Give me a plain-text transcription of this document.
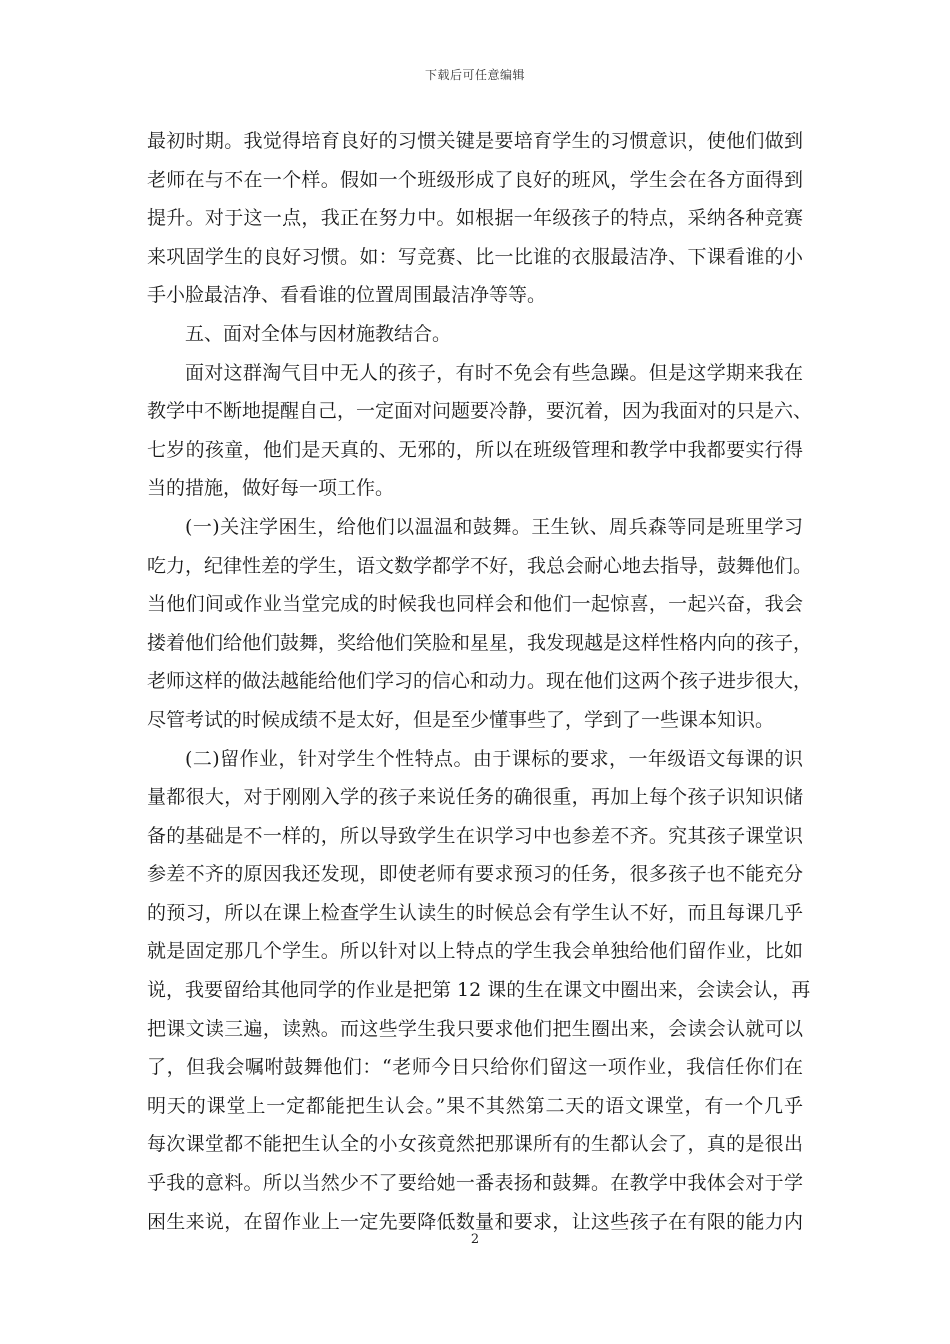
下载后可任意编辑
最初时期。我觉得培育良好的习惯关键是要培育学生的习惯意识，使他们做到
老师在与不在一个样。假如一个班级形成了良好的班风，学生会在各方面得到
提升。对于这一点，我正在努力中。如根据一年级孩子的特点，采纳各种竞赛
来巩固学生的良好习惯。如：写竞赛、比一比谁的衣服最洁净、下课看谁的小
手小脸最洁净、看看谁的位置周围最洁净等等。
五、面对全体与因材施教结合。
面对这群淘气目中无人的孩子，有时不免会有些急躁。但是这学期来我在
教学中不断地提醒自己，一定面对问题要冷静，要沉着，因为我面对的只是六、
七岁的孩童，他们是天真的、无邪的，所以在班级管理和教学中我都要实行得
当的措施，做好每一项工作。
(一)关注学困生，给他们以温温和鼓舞。王生钬、周兵森等同是班里学习
吃力，纪律性差的学生，语文数学都学不好，我总会耐心地去指导，鼓舞他们。
当他们间或作业当堂完成的时候我也同样会和他们一起惊喜，一起兴奋，我会
搂着他们给他们鼓舞，奖给他们笑脸和星星，我发现越是这样性格内向的孩子，
老师这样的做法越能给他们学习的信心和动力。现在他们这两个孩子进步很大，
尽管考试的时候成绩不是太好，但是至少懂事些了，学到了一些课本知识。
(二)留作业，针对学生个性特点。由于课标的要求，一年级语文每课的识
量都很大，对于刚刚入学的孩子来说任务的确很重，再加上每个孩子识知识储
备的基础是不一样的，所以导致学生在识学习中也参差不齐。究其孩子课堂识
参差不齐的原因我还发现，即使老师有要求预习的任务，很多孩子也不能充分
的预习，所以在课上检查学生认读生的时候总会有学生认不好，而且每课几乎
就是固定那几个学生。所以针对以上特点的学生我会单独给他们留作业，比如
说，我要留给其他同学的作业是把第 12 课的生在课文中圈出来，会读会认，再
把课文读三遍，读熟。而这些学生我只要求他们把生圈出来，会读会认就可以
了，但我会嘱咐鼓舞他们：“老师今日只给你们留这一项作业，我信任你们在
明天的课堂上一定都能把生认会。”果不其然第二天的语文课堂，有一个几乎
每次课堂都不能把生认全的小女孩竟然把那课所有的生都认会了，真的是很出
乎我的意料。所以当然少不了要给她一番表扬和鼓舞。在教学中我体会对于学
困生来说，在留作业上一定先要降低数量和要求，让这些孩子在有限的能力内
2
